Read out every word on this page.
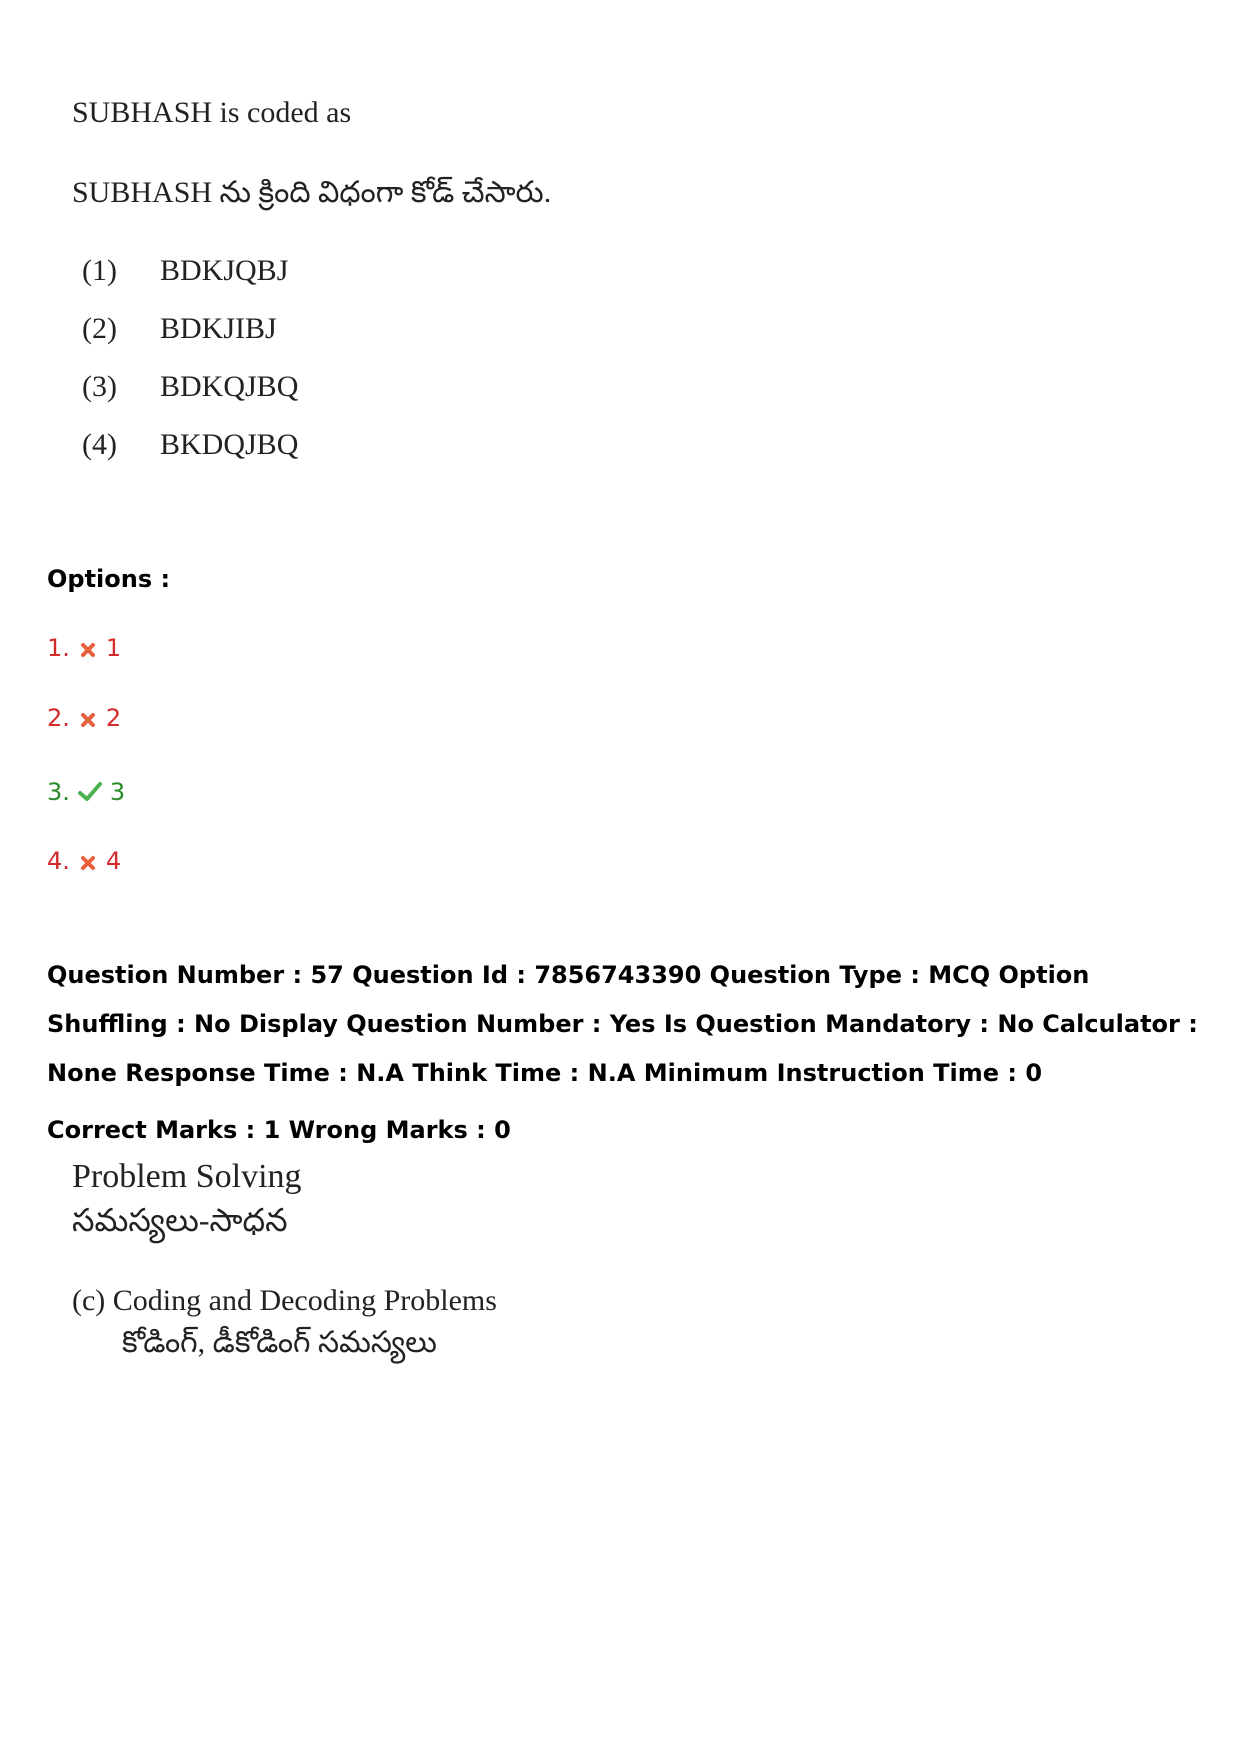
SUBHASH is coded as
SUBHASH ను క్రింది విధంగా కోడ్ చేసారు.
(1) BDKJQBJ
(2) BDKJIBJ
(3) BDKQJBQ
(4) BKDQJBQ
Options :
1. 1
2. 2
3. 3
4. 4
Question Number : 57 Question Id : 7856743390 Question Type : MCQ Option Shuffling : No Display Question Number : Yes Is Question Mandatory : No Calculator : None Response Time : N.A Think Time : N.A Minimum Instruction Time : 0
Correct Marks : 1 Wrong Marks : 0
Problem Solving
సమస్యలు-సాధన
(c) Coding and Decoding Problems
కోడింగ్, డీకోడింగ్ సమస్యలు
